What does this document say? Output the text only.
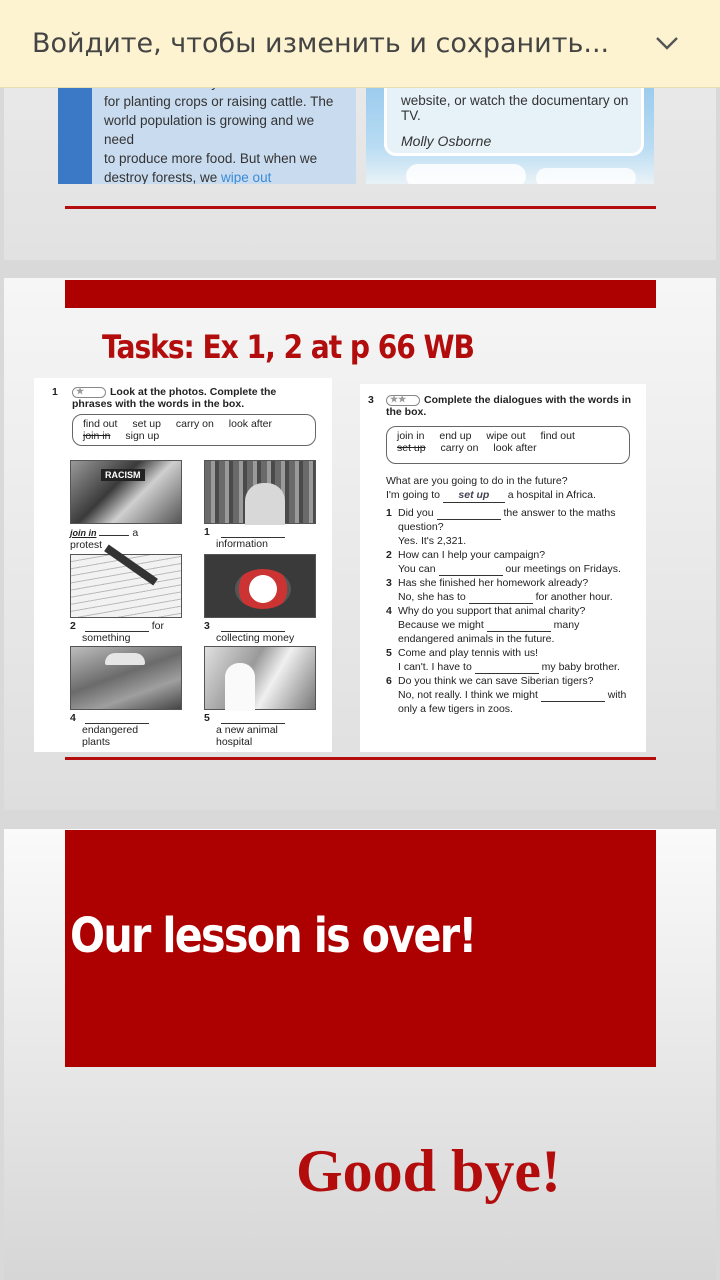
Войдите, чтобы изменить и сохранить...
for planting crops or raising cattle. The
world population is growing and we need
to produce more food. But when we
destroy forests, we wipe out
website, or watch the documentary on TV.
Molly Osborne
Tasks: Ex 1, 2 at p 66 WB
1 ★ Look at the photos. Complete the phrases with the words in the box.
find out set up carry on look after
join in sign up
RACISM
join in	a
protest
1
information
2	for
something
3
collecting money
4
endangered plants
5
a new animal hospital
3 ★★ Complete the dialogues with the words in the box.
join in end up wipe out find out
set up carry on look after
What are you going to do in the future?
I'm going to set up a hospital in Africa.
1 Did you	the answer to the maths question?
Yes. It's 2,321.
2 How can I help your campaign?
You can	our meetings on Fridays.
3 Has she finished her homework already?
No, she has to	for another hour.
4 Why do you support that animal charity?
Because we might	many endangered animals in the future.
5 Come and play tennis with us!
I can't. I have to	my baby brother.
6 Do you think we can save Siberian tigers?
No, not really. I think we might	with only a few tigers in zoos.
Our lesson is over!
Good bye!
